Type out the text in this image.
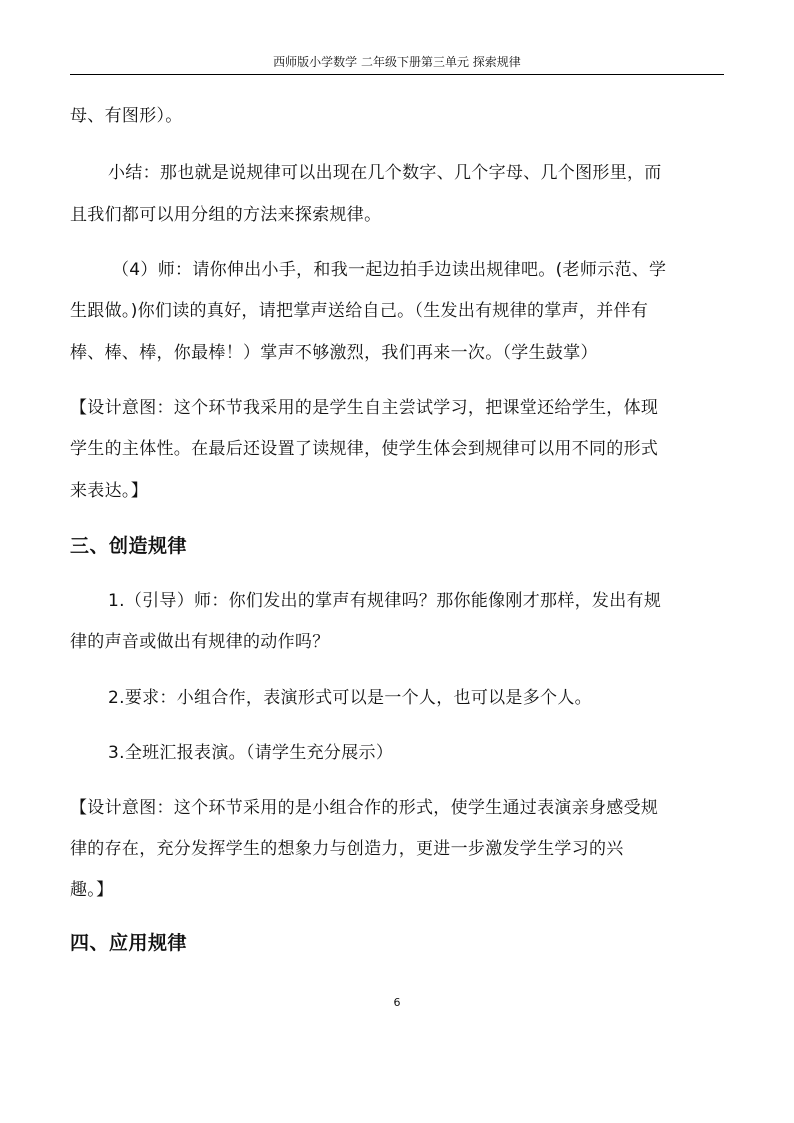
西师版小学数学 二年级下册第三单元 探索规律
母、有图形）。
小结：那也就是说规律可以出现在几个数字、几个字母、几个图形里，而
且我们都可以用分组的方法来探索规律。
（4）师：请你伸出小手，和我一起边拍手边读出规律吧。(老师示范、学
生跟做。)你们读的真好，请把掌声送给自己。（生发出有规律的掌声，并伴有
棒、棒、棒，你最棒！）掌声不够激烈，我们再来一次。（学生鼓掌）
【设计意图：这个环节我采用的是学生自主尝试学习，把课堂还给学生，体现
学生的主体性。在最后还设置了读规律，使学生体会到规律可以用不同的形式
来表达。】
三、创造规律
1.（引导）师：你们发出的掌声有规律吗？那你能像刚才那样，发出有规
律的声音或做出有规律的动作吗？
2.要求：小组合作，表演形式可以是一个人，也可以是多个人。
3.全班汇报表演。（请学生充分展示）
【设计意图：这个环节采用的是小组合作的形式，使学生通过表演亲身感受规
律的存在，充分发挥学生的想象力与创造力，更进一步激发学生学习的兴
趣。】
四、应用规律
6
